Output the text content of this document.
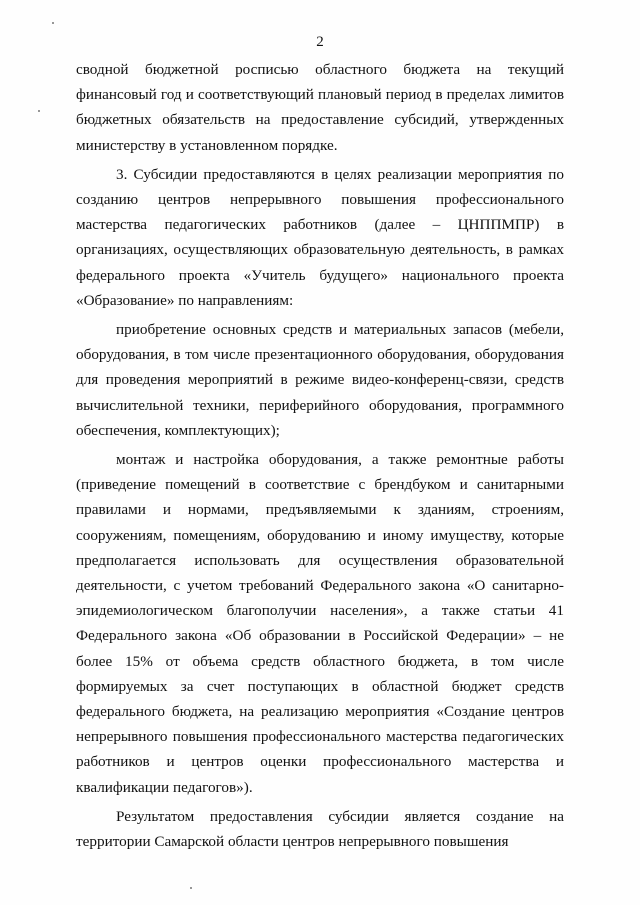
2

сводной бюджетной росписью областного бюджета на текущий финансовый год и соответствующий плановый период в пределах лимитов бюджетных обязательств на предоставление субсидий, утвержденных министерству в установленном порядке.

3. Субсидии предоставляются в целях реализации мероприятия по созданию центров непрерывного повышения профессионального мастерства педагогических работников (далее – ЦНППМПР) в организациях, осуществляющих образовательную деятельность, в рамках федерального проекта «Учитель будущего» национального проекта «Образование» по направлениям:

приобретение основных средств и материальных запасов (мебели, оборудования, в том числе презентационного оборудования, оборудования для проведения мероприятий в режиме видео-конференц-связи, средств вычислительной техники, периферийного оборудования, программного обеспечения, комплектующих);

монтаж и настройка оборудования, а также ремонтные работы (приведение помещений в соответствие с брендбуком и санитарными правилами и нормами, предъявляемыми к зданиям, строениям, сооружениям, помещениям, оборудованию и иному имуществу, которые предполагается использовать для осуществления образовательной деятельности, с учетом требований Федерального закона «О санитарно-эпидемиологическом благополучии населения», а также статьи 41 Федерального закона «Об образовании в Российской Федерации» – не более 15% от объема средств областного бюджета, в том числе формируемых за счет поступающих в областной бюджет средств федерального бюджета, на реализацию мероприятия «Создание центров непрерывного повышения профессионального мастерства педагогических работников и центров оценки профессионального мастерства и квалификации педагогов»).

Результатом предоставления субсидии является создание на территории Самарской области центров непрерывного повышения
